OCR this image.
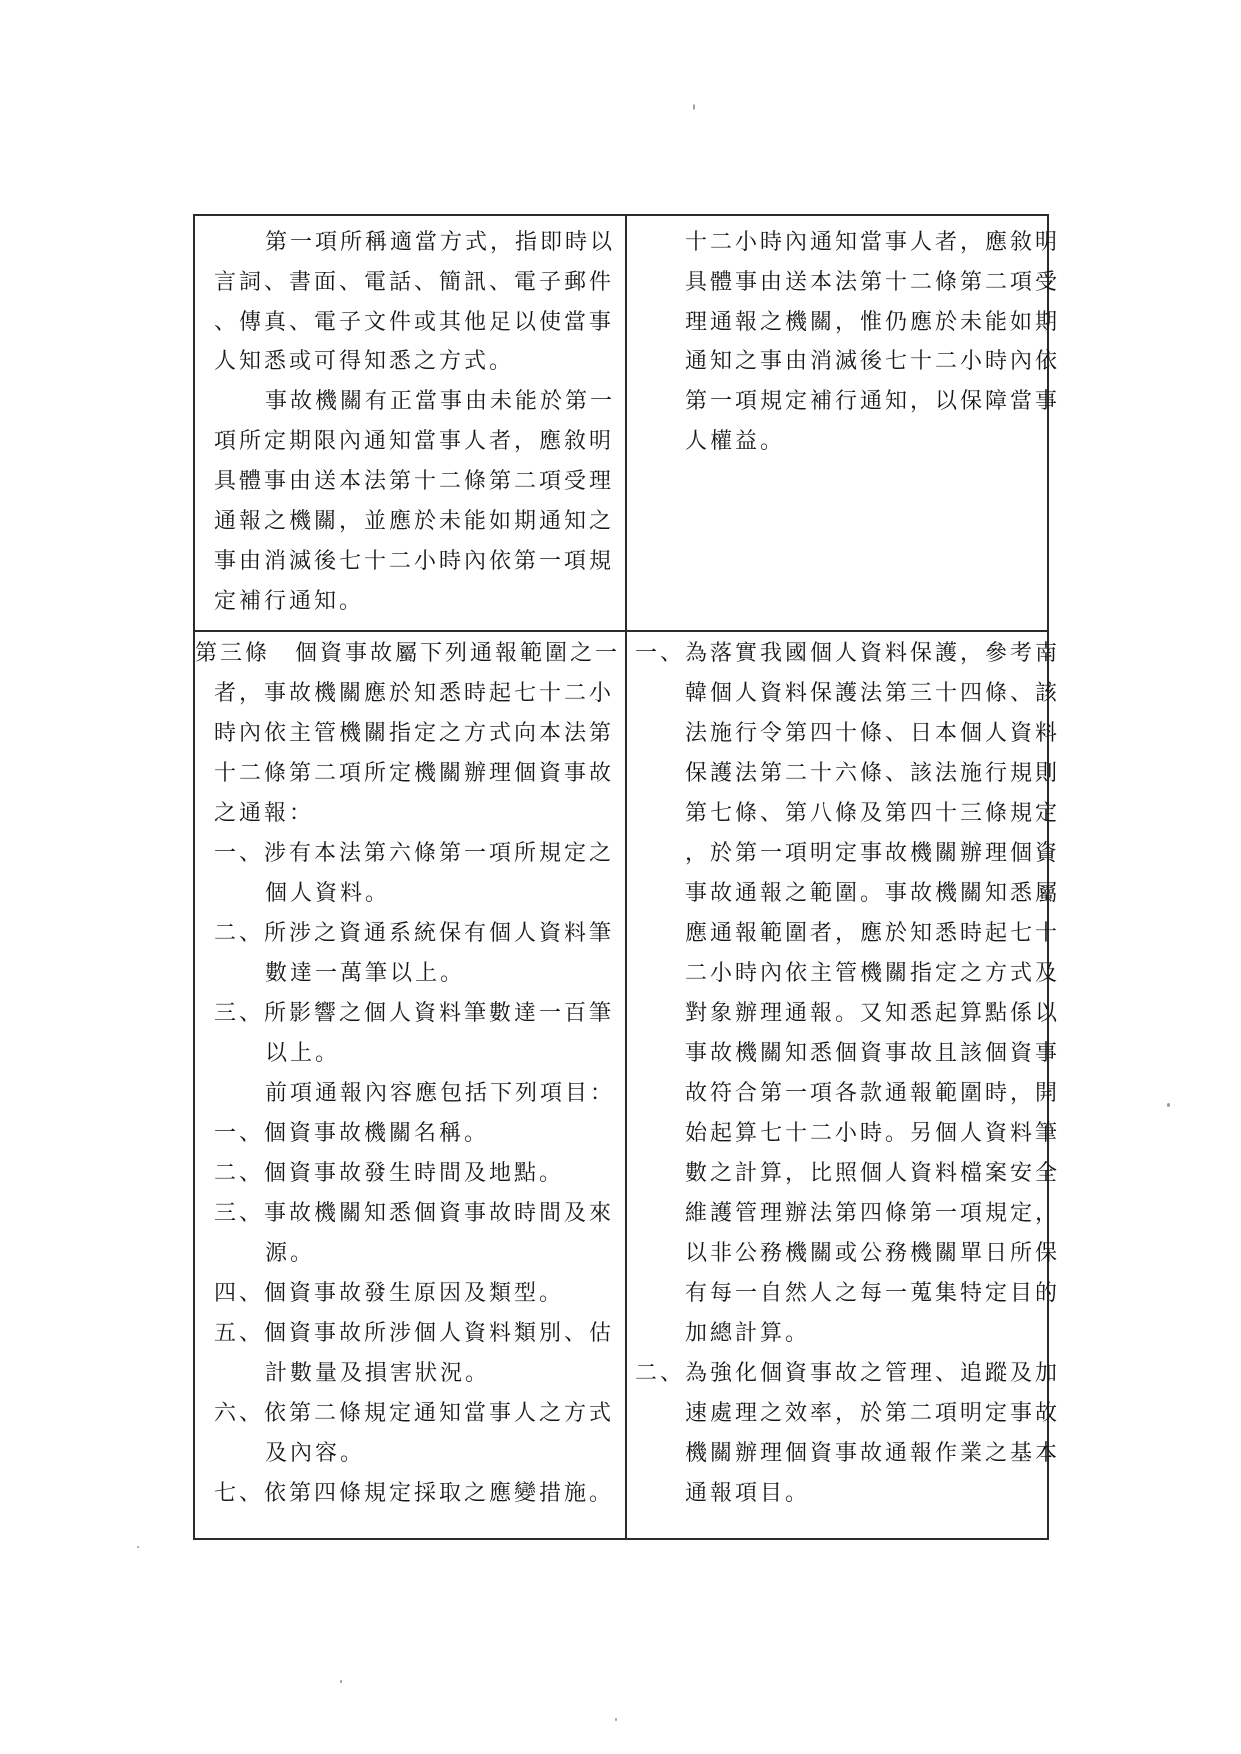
第一項所稱適當方式，指即時以
言詞、書面、電話、簡訊、電子郵件
、傳真、電子文件或其他足以使當事
人知悉或可得知悉之方式。
事故機關有正當事由未能於第一
項所定期限內通知當事人者，應敘明
具體事由送本法第十二條第二項受理
通報之機關，並應於未能如期通知之
事由消滅後七十二小時內依第一項規
定補行通知。
十二小時內通知當事人者，應敘明
具體事由送本法第十二條第二項受
理通報之機關，惟仍應於未能如期
通知之事由消滅後七十二小時內依
第一項規定補行通知，以保障當事
人權益。
第三條　個資事故屬下列通報範圍之一
者，事故機關應於知悉時起七十二小
時內依主管機關指定之方式向本法第
十二條第二項所定機關辦理個資事故
之通報：
一、涉有本法第六條第一項所規定之
個人資料。
二、所涉之資通系統保有個人資料筆
數達一萬筆以上。
三、所影響之個人資料筆數達一百筆
以上。
前項通報內容應包括下列項目：
一、個資事故機關名稱。
二、個資事故發生時間及地點。
三、事故機關知悉個資事故時間及來
源。
四、個資事故發生原因及類型。
五、個資事故所涉個人資料類別、估
計數量及損害狀況。
六、依第二條規定通知當事人之方式
及內容。
七、依第四條規定採取之應變措施。
一、為落實我國個人資料保護，參考南
韓個人資料保護法第三十四條、該
法施行令第四十條、日本個人資料
保護法第二十六條、該法施行規則
第七條、第八條及第四十三條規定
，於第一項明定事故機關辦理個資
事故通報之範圍。事故機關知悉屬
應通報範圍者，應於知悉時起七十
二小時內依主管機關指定之方式及
對象辦理通報。又知悉起算點係以
事故機關知悉個資事故且該個資事
故符合第一項各款通報範圍時，開
始起算七十二小時。另個人資料筆
數之計算，比照個人資料檔案安全
維護管理辦法第四條第一項規定，
以非公務機關或公務機關單日所保
有每一自然人之每一蒐集特定目的
加總計算。
二、為強化個資事故之管理、追蹤及加
速處理之效率，於第二項明定事故
機關辦理個資事故通報作業之基本
通報項目。
